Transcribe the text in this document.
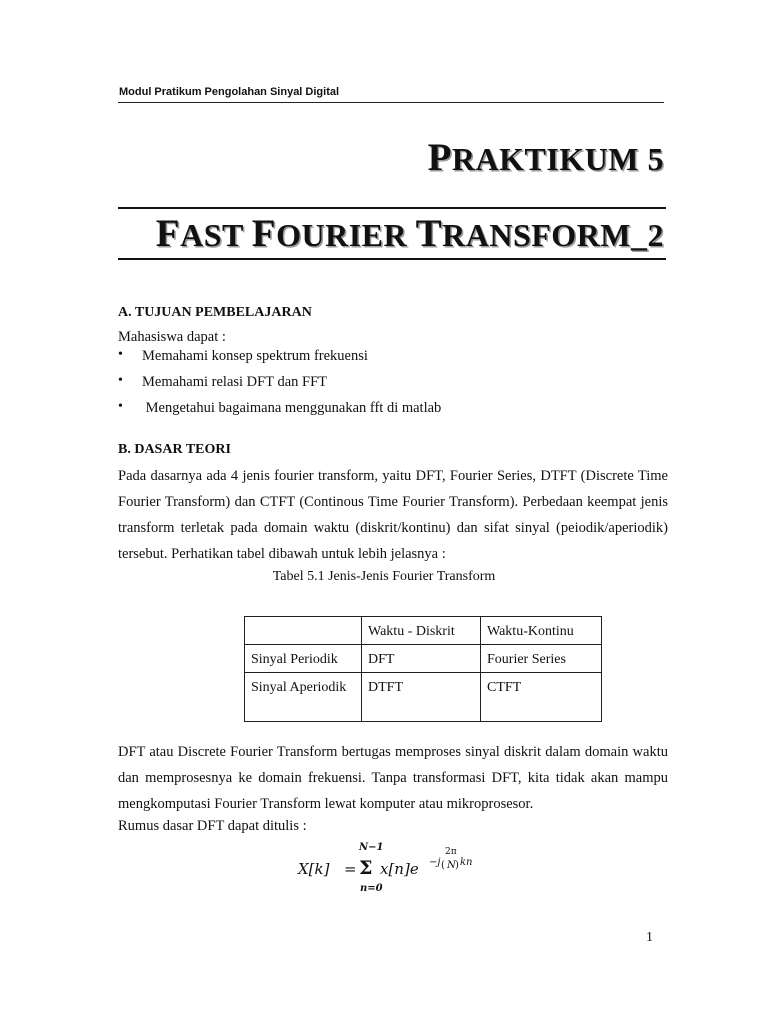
Modul Pratikum Pengolahan Sinyal Digital
PRAKTIKUM 5
FAST FOURIER TRANSFORM_2
A. TUJUAN PEMBELAJARAN
Mahasiswa dapat :
• Memahami konsep spektrum frekuensi
• Memahami relasi DFT dan FFT
•  Mengetahui bagaimana menggunakan fft di matlab
B. DASAR TEORI
Pada dasarnya ada 4 jenis fourier transform, yaitu DFT, Fourier Series, DTFT (Discrete Time Fourier Transform) dan CTFT (Continous Time Fourier Transform). Perbedaan keempat jenis transform terletak pada domain waktu (diskrit/kontinu) dan sifat sinyal (peiodik/aperiodik) tersebut. Perhatikan tabel dibawah untuk lebih jelasnya :
Tabel 5.1 Jenis-Jenis Fourier Transform
	Waktu - Diskrit	Waktu-Kontinu
Sinyal Periodik	DFT	Fourier Series
Sinyal Aperiodik	DTFT	CTFT
DFT atau Discrete Fourier Transform bertugas memproses sinyal diskrit dalam domain waktu dan memprosesnya ke domain frekuensi. Tanpa transformasi DFT, kita tidak akan mampu mengkomputasi Fourier Transform lewat komputer atau mikroprosesor.
Rumus dasar DFT dapat ditulis :
N−1
X[k] = Σ x[n]e −j (
2π
N ) kn
n=0
1
